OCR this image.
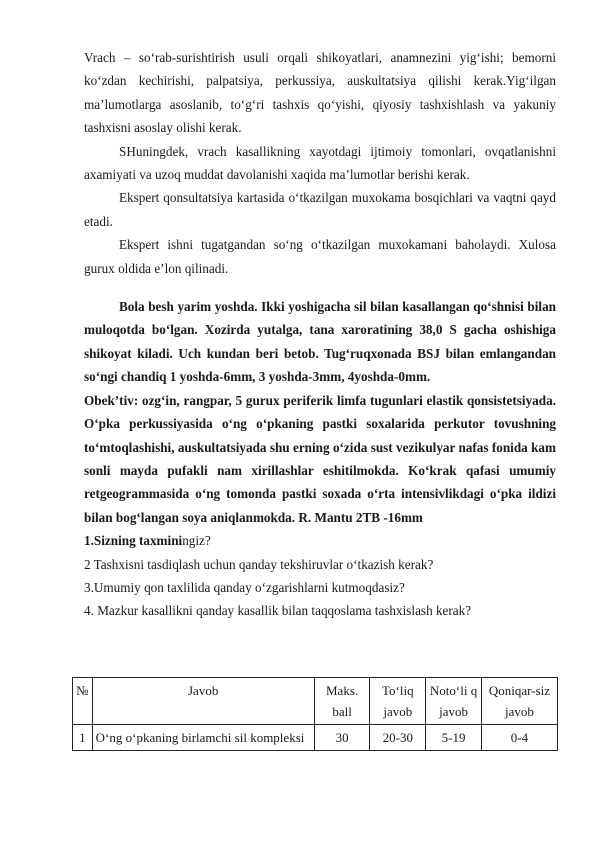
Vrach – so‘rab-surishtirish usuli orqali shikoyatlari, anamnezini yig‘ishi; bemorni ko‘zdan kechirishi, palpatsiya, perkussiya, auskultatsiya qilishi kerak.Yig‘ilgan ma’lumotlarga asoslanib, to‘g‘ri tashxis qo‘yishi, qiyosiy tashxishlash va yakuniy tashxisni asoslay olishi kerak.

SHuningdek, vrach kasallikning xayotdagi ijtimoiy tomonlari, ovqatlanishni axamiyati va uzoq muddat davolanishi xaqida ma’lumotlar berishi kerak.

Ekspert qonsultatsiya kartasida o‘tkazilgan muxokama bosqichlari va vaqtni qayd etadi.

Ekspert ishni tugatgandan so‘ng o‘tkazilgan muxokamani baholaydi. Xulosa gurux oldida e’lon qilinadi.

Bola besh yarim yoshda. Ikki yoshigacha sil bilan kasallangan qo‘shnisi bilan muloqotda bo‘lgan. Xozirda yutalga, tana xaroratining 38,0 S gacha oshishiga shikoyat kiladi. Uch kundan beri betob. Tug‘ruqxonada BSJ bilan emlangandan so‘ngi chandiq 1 yoshda-6mm, 3 yoshda-3mm, 4yoshda-0mm.

Obek’tiv: ozg‘in, rangpar, 5 gurux periferik limfa tugunlari elastik qonsistetsiyada. O‘pka perkussiyasida o‘ng o‘pkaning pastki soxalarida perkutor tovushning to‘mtoqlashishi, auskultatsiyada shu erning o‘zida sust vezikulyar nafas fonida kam sonli mayda pufakli nam xirillashlar eshitilmokda. Ko‘krak qafasi umumiy retgeogrammasida o‘ng tomonda pastki soxada o‘rta intensivlikdagi o‘pka ildizi bilan bog‘langan soya aniqlanmokda. R. Mantu 2TB -16mm

1.Sizning taxminingiz?

2 Tashxisni tasdiqlash uchun qanday tekshiruvlar o‘tkazish kerak?

3.Umumiy qon taxlilida qanday o‘zgarishlarni kutmoqdasiz?

4. Mazkur kasallikni qanday kasallik bilan taqqoslama tashxislash kerak?

№	Javob	Maks. ball	To‘liq javob	Noto‘li q javob	Qoniqar-siz javob
1	O‘ng o‘pkaning birlamchi sil kompleksi	30	20-30	5-19	0-4
